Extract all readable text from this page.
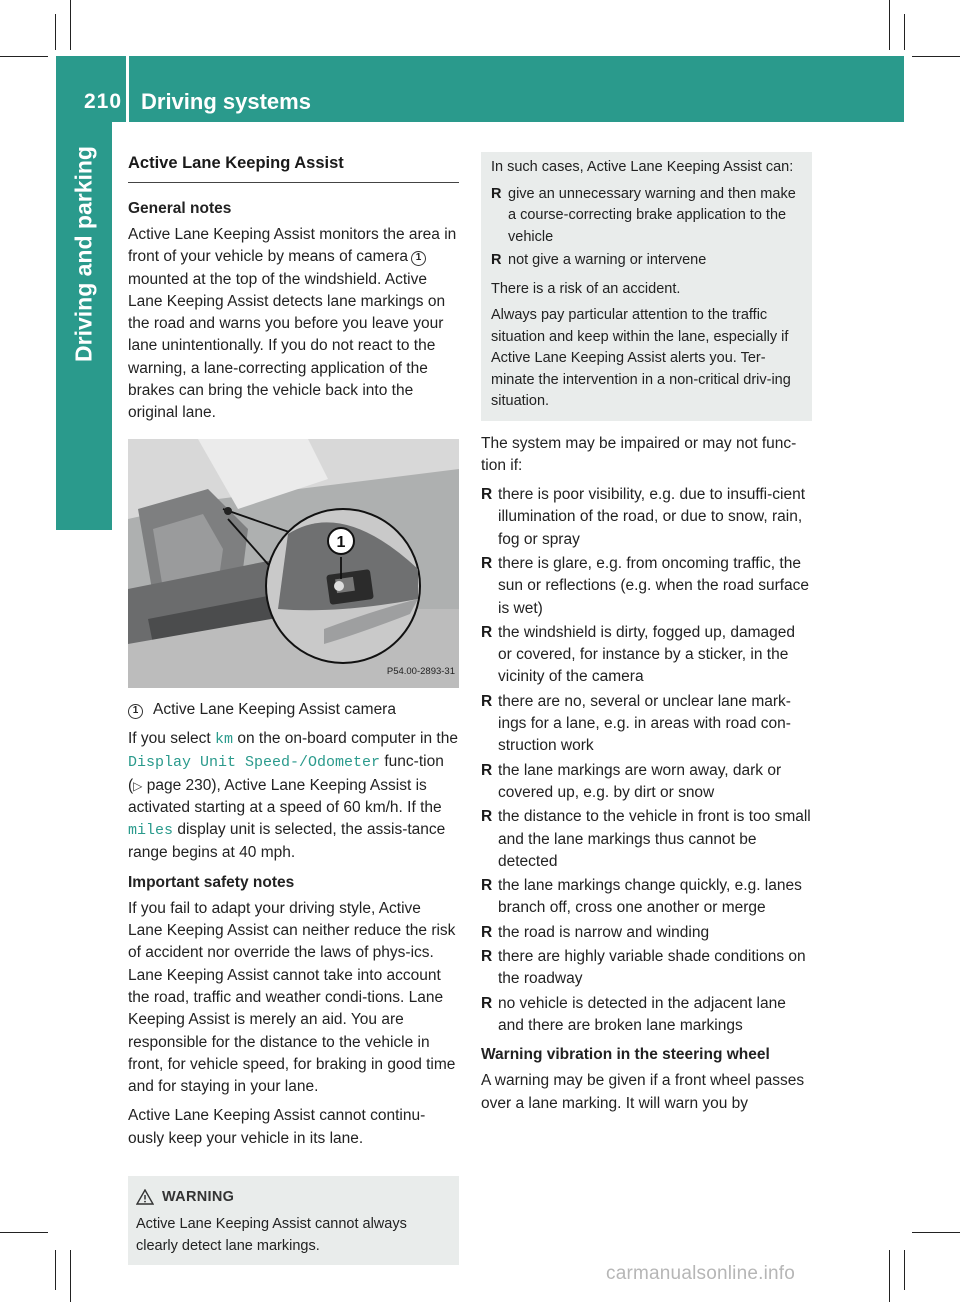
210 Driving systems
Driving and parking Active Lane Keeping Assist
General notes

Active Lane Keeping Assist monitors the area in front of your vehicle by means of camera 1mounted at the top of the windshield. Active Lane Keeping Assist detects lane markings on the road and warns you before you leave your lane unintentionally. If you do not react to the warning, a lane-correcting application of the brakes can bring the vehicle back into the original lane.

1
P54.00-2893-31

1 Active Lane Keeping Assist camera

If you select km on the on-board computer in the Display Unit Speed-/Odometer func-tion (▷ page 230), Active Lane Keeping Assist is activated starting at a speed of 60 km/h. If the miles display unit is selected, the assis-tance range begins at 40 mph.

Important safety notes

If you fail to adapt your driving style, Active Lane Keeping Assist can neither reduce the risk of accident nor override the laws of phys-ics. Lane Keeping Assist cannot take into account the road, traffic and weather condi-tions. Lane Keeping Assist is merely an aid. You are responsible for the distance to the vehicle in front, for vehicle speed, for braking in good time and for staying in your lane.

Active Lane Keeping Assist cannot continu-ously keep your vehicle in its lane.

WARNING
Active Lane Keeping Assist cannot always clearly detect lane markings.

In such cases, Active Lane Keeping Assist can:

R give an unnecessary warning and then make a course-correcting brake application to the vehicle
R not give a warning or intervene

There is a risk of an accident.

Always pay particular attention to the traffic situation and keep within the lane, especially if Active Lane Keeping Assist alerts you. Ter-minate the intervention in a non-critical driv-ing situation.

The system may be impaired or may not func-tion if:

R there is poor visibility, e.g. due to insuffi-cient illumination of the road, or due to snow, rain, fog or spray
R there is glare, e.g. from oncoming traffic, the sun or reflections (e.g. when the road surface is wet)
R the windshield is dirty, fogged up, damaged or covered, for instance by a sticker, in the vicinity of the camera
R there are no, several or unclear lane mark-ings for a lane, e.g. in areas with road con-struction work
R the lane markings are worn away, dark or covered up, e.g. by dirt or snow
R the distance to the vehicle in front is too small and the lane markings thus cannot be detected
R the lane markings change quickly, e.g. lanes branch off, cross one another or merge
R the road is narrow and winding
R there are highly variable shade conditions on the roadway
R no vehicle is detected in the adjacent lane and there are broken lane markings
Warning vibration in the steering wheel

A warning may be given if a front wheel passes over a lane marking. It will warn you by

carmanualsonline.info
